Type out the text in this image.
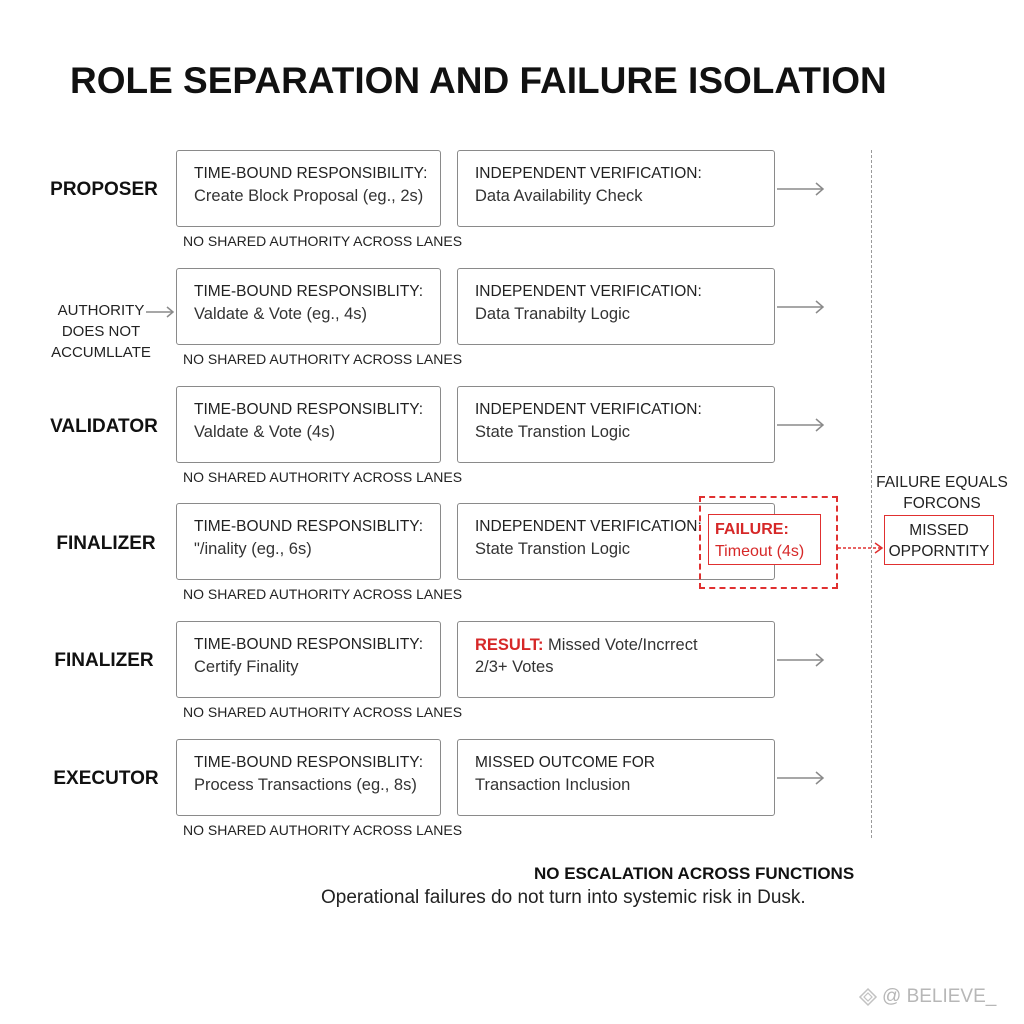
ROLE SEPARATION AND FAILURE ISOLATION
PROPOSER
TIME-BOUND RESPONSIBILITY:
Create Block Proposal (eg., 2s)
INDEPENDENT VERIFICATION:
Data Availability Check
NO SHARED AUTHORITY ACROSS LANES
AUTHORITY
DOES NOT
ACCUMLLATE
TIME-BOUND RESPONSIBLITY:
Valdate & Vote (eg., 4s)
INDEPENDENT VERIFICATION:
Data Tranabilty Logic
NO SHARED AUTHORITY ACROSS LANES
VALIDATOR
TIME-BOUND RESPONSIBLITY:
Valdate & Vote (4s)
INDEPENDENT VERIFICATION:
State Transtion Logic
NO SHARED AUTHORITY ACROSS LANES
FINALIZER
TIME-BOUND RESPONSIBLITY:
"/inality (eg., 6s)
INDEPENDENT VERIFICATION:
State Transtion Logic
FAILURE:
Timeout (4s)
FAILURE EQUALS
FORCONS
MISSED
OPPORNTITY
NO SHARED AUTHORITY ACROSS LANES
FINALIZER
TIME-BOUND RESPONSIBLITY:
Certify Finality
RESULT: Missed Vote/Incrrect
2/3+ Votes
NO SHARED AUTHORITY ACROSS LANES
EXECUTOR
TIME-BOUND RESPONSIBLITY:
Process Transactions (eg., 8s)
MISSED OUTCOME FOR
Transaction Inclusion
NO SHARED AUTHORITY ACROSS LANES
NO ESCALATION ACROSS FUNCTIONS
Operational failures do not turn into systemic risk in Dusk.
@ BELIEVE_
